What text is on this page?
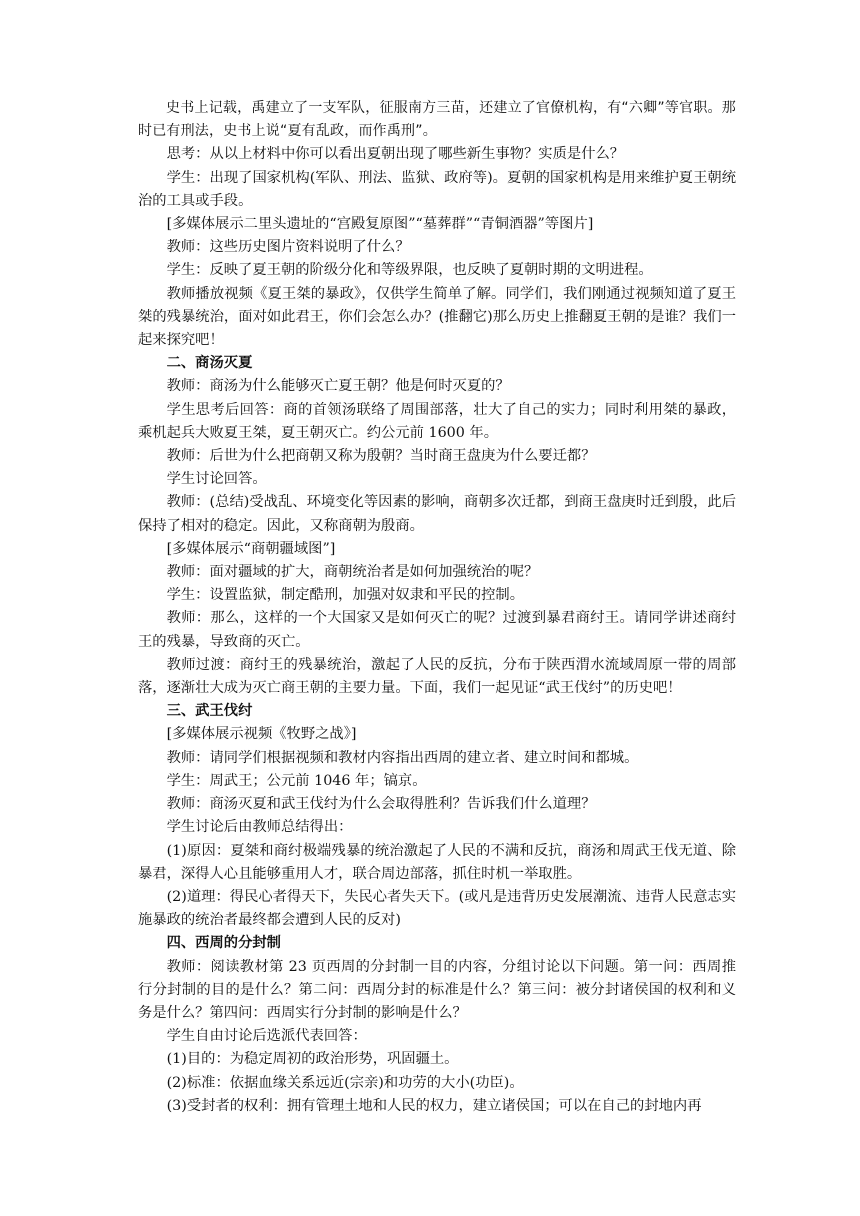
史书上记载，禹建立了一支军队，征服南方三苗，还建立了官僚机构，有“六卿”等官职。那时已有刑法，史书上说“夏有乱政，而作禹刑”。

思考：从以上材料中你可以看出夏朝出现了哪些新生事物？实质是什么？

学生：出现了国家机构(军队、刑法、监狱、政府等)。夏朝的国家机构是用来维护夏王朝统治的工具或手段。

[多媒体展示二里头遗址的“宫殿复原图”“墓葬群”“青铜酒器”等图片]

教师：这些历史图片资料说明了什么？

学生：反映了夏王朝的阶级分化和等级界限，也反映了夏朝时期的文明进程。

教师播放视频《夏王桀的暴政》，仅供学生简单了解。同学们，我们刚通过视频知道了夏王桀的残暴统治，面对如此君王，你们会怎么办？(推翻它)那么历史上推翻夏王朝的是谁？我们一起来探究吧！

二、商汤灭夏

教师：商汤为什么能够灭亡夏王朝？他是何时灭夏的？

学生思考后回答：商的首领汤联络了周围部落，壮大了自己的实力；同时利用桀的暴政，乘机起兵大败夏王桀，夏王朝灭亡。约公元前 1600 年。

教师：后世为什么把商朝又称为殷朝？当时商王盘庚为什么要迁都？

学生讨论回答。

教师：(总结)受战乱、环境变化等因素的影响，商朝多次迁都，到商王盘庚时迁到殷，此后保持了相对的稳定。因此，又称商朝为殷商。

[多媒体展示“商朝疆域图”]

教师：面对疆域的扩大，商朝统治者是如何加强统治的呢？

学生：设置监狱，制定酷刑，加强对奴隶和平民的控制。

教师：那么，这样的一个大国家又是如何灭亡的呢？过渡到暴君商纣王。请同学讲述商纣王的残暴，导致商的灭亡。

教师过渡：商纣王的残暴统治，激起了人民的反抗，分布于陕西渭水流域周原一带的周部落，逐渐壮大成为灭亡商王朝的主要力量。下面，我们一起见证“武王伐纣”的历史吧！

三、武王伐纣

[多媒体展示视频《牧野之战》]

教师：请同学们根据视频和教材内容指出西周的建立者、建立时间和都城。

学生：周武王；公元前 1046 年；镐京。

教师：商汤灭夏和武王伐纣为什么会取得胜利？告诉我们什么道理？

学生讨论后由教师总结得出：

(1)原因：夏桀和商纣极端残暴的统治激起了人民的不满和反抗，商汤和周武王伐无道、除暴君，深得人心且能够重用人才，联合周边部落，抓住时机一举取胜。

(2)道理：得民心者得天下，失民心者失天下。(或凡是违背历史发展潮流、违背人民意志实施暴政的统治者最终都会遭到人民的反对)

四、西周的分封制

教师：阅读教材第 23 页西周的分封制一目的内容，分组讨论以下问题。第一问：西周推行分封制的目的是什么？第二问：西周分封的标准是什么？第三问：被分封诸侯国的权利和义务是什么？第四问：西周实行分封制的影响是什么？

学生自由讨论后选派代表回答：

(1)目的：为稳定周初的政治形势，巩固疆土。

(2)标准：依据血缘关系远近(宗亲)和功劳的大小(功臣)。

(3)受封者的权利：拥有管理土地和人民的权力，建立诸侯国；可以在自己的封地内再
